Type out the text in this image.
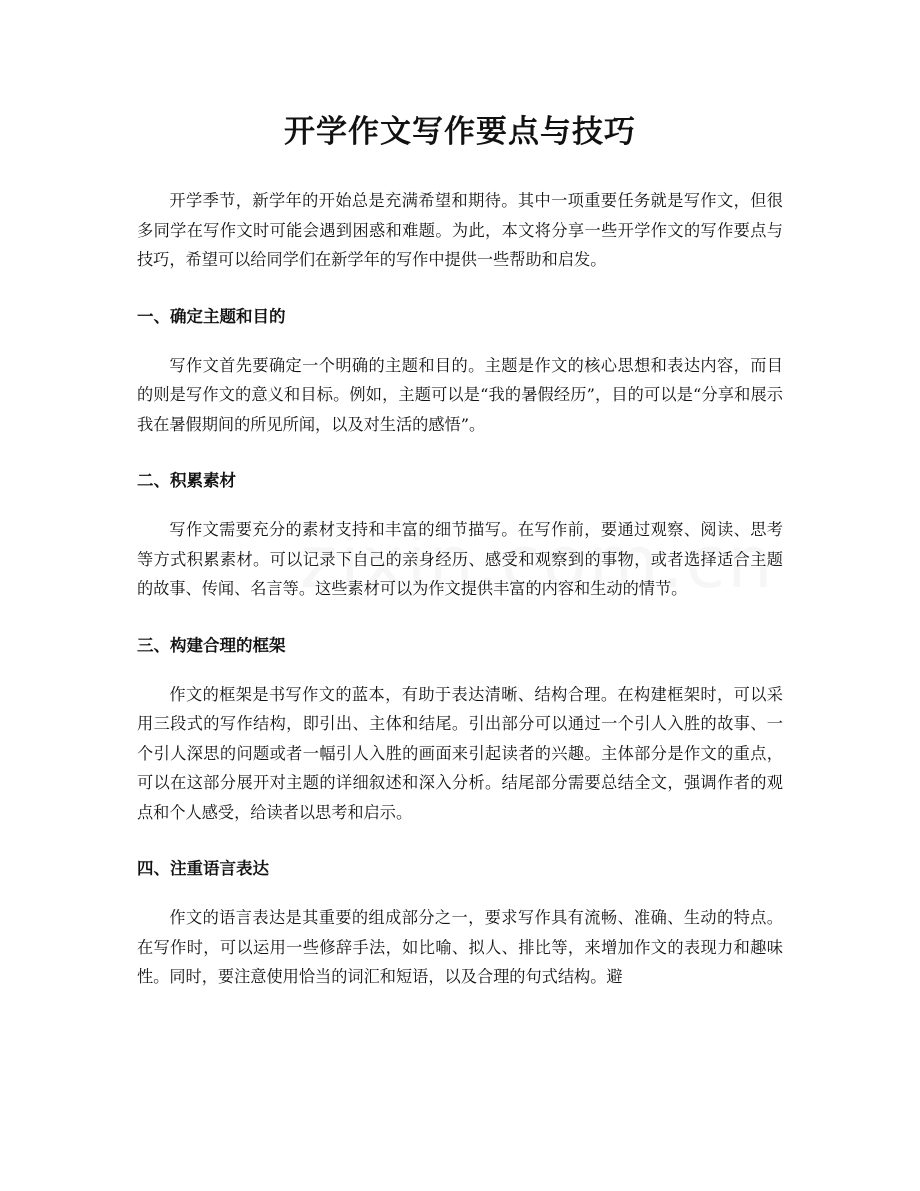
开学作文写作要点与技巧

开学季节，新学年的开始总是充满希望和期待。其中一项重要任务就是写作文，但很多同学在写作文时可能会遇到困惑和难题。为此，本文将分享一些开学作文的写作要点与技巧，希望可以给同学们在新学年的写作中提供一些帮助和启发。

一、确定主题和目的

写作文首先要确定一个明确的主题和目的。主题是作文的核心思想和表达内容，而目的则是写作文的意义和目标。例如，主题可以是“我的暑假经历”，目的可以是“分享和展示我在暑假期间的所见所闻，以及对生活的感悟”。

二、积累素材

写作文需要充分的素材支持和丰富的细节描写。在写作前，要通过观察、阅读、思考等方式积累素材。可以记录下自己的亲身经历、感受和观察到的事物，或者选择适合主题的故事、传闻、名言等。这些素材可以为作文提供丰富的内容和生动的情节。

三、构建合理的框架

作文的框架是书写作文的蓝本，有助于表达清晰、结构合理。在构建框架时，可以采用三段式的写作结构，即引出、主体和结尾。引出部分可以通过一个引人入胜的故事、一个引人深思的问题或者一幅引人入胜的画面来引起读者的兴趣。主体部分是作文的重点，可以在这部分展开对主题的详细叙述和深入分析。结尾部分需要总结全文，强调作者的观点和个人感受，给读者以思考和启示。

四、注重语言表达

作文的语言表达是其重要的组成部分之一，要求写作具有流畅、准确、生动的特点。在写作时，可以运用一些修辞手法，如比喻、拟人、排比等，来增加作文的表现力和趣味性。同时，要注意使用恰当的词汇和短语，以及合理的句式结构。避
